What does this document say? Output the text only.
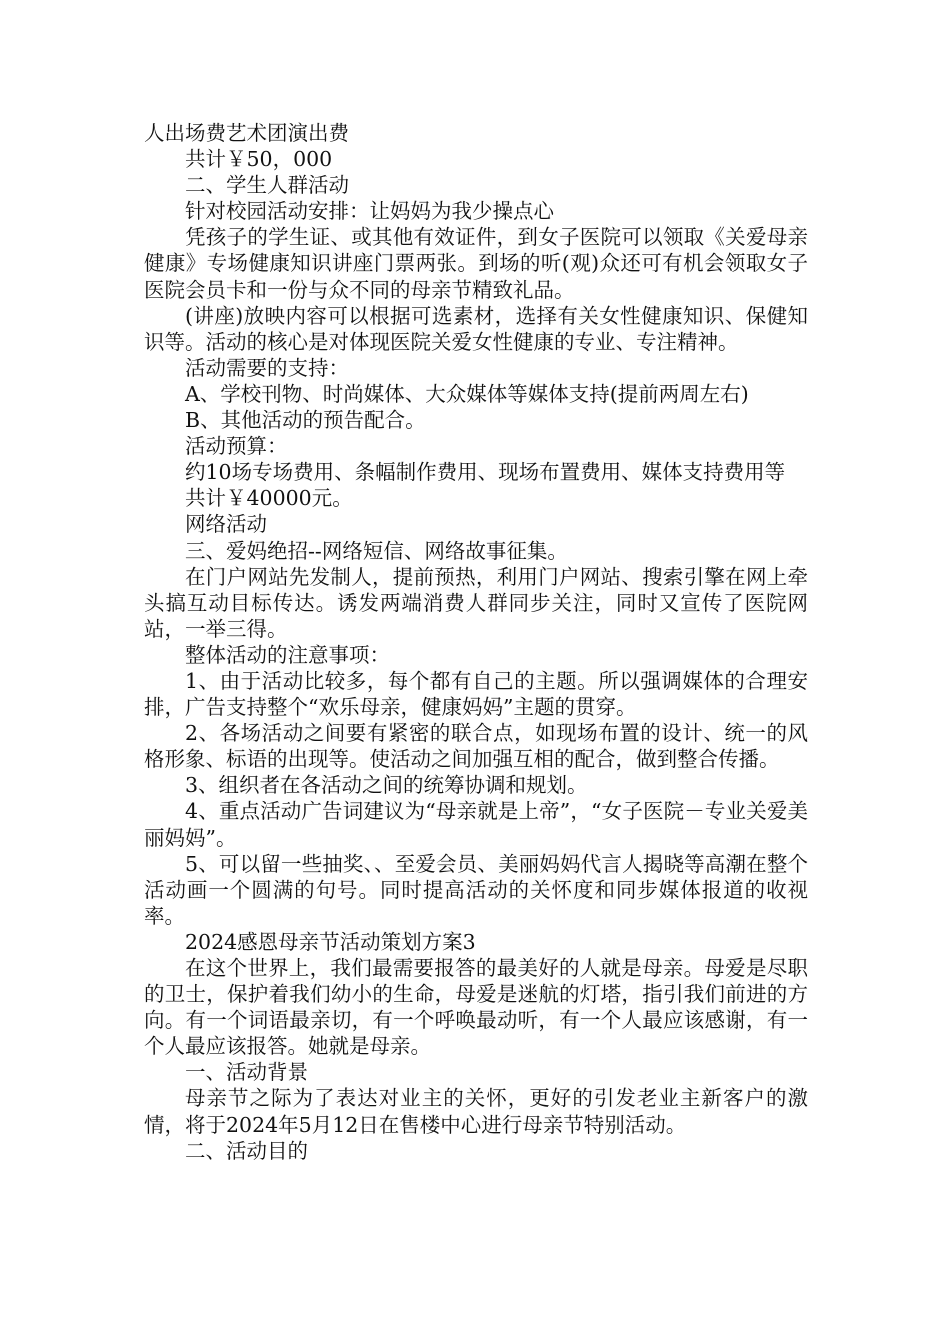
人出场费艺术团演出费

共计￥50，000

二、学生人群活动

针对校园活动安排：让妈妈为我少操点心

凭孩子的学生证、或其他有效证件，到女子医院可以领取《关爱母亲健康》专场健康知识讲座门票两张。到场的听(观)众还可有机会领取女子医院会员卡和一份与众不同的母亲节精致礼品。

(讲座)放映内容可以根据可选素材，选择有关女性健康知识、保健知识等。活动的核心是对体现医院关爱女性健康的专业、专注精神。

活动需要的支持：

A、学校刊物、时尚媒体、大众媒体等媒体支持(提前两周左右)

B、其他活动的预告配合。

活动预算：

约10场专场费用、条幅制作费用、现场布置费用、媒体支持费用等

共计￥40000元。

网络活动

三、爱妈绝招--网络短信、网络故事征集。

在门户网站先发制人，提前预热，利用门户网站、搜索引擎在网上牵头搞互动目标传达。诱发两端消费人群同步关注，同时又宣传了医院网站，一举三得。

整体活动的注意事项：

1、由于活动比较多，每个都有自己的主题。所以强调媒体的合理安排，广告支持整个“欢乐母亲，健康妈妈”主题的贯穿。

2、各场活动之间要有紧密的联合点，如现场布置的设计、统一的风格形象、标语的出现等。使活动之间加强互相的配合，做到整合传播。

3、组织者在各活动之间的统筹协调和规划。

4、重点活动广告词建议为“母亲就是上帝”，“女子医院－专业关爱美丽妈妈”。

5、可以留一些抽奖、、至爱会员、美丽妈妈代言人揭晓等高潮在整个活动画一个圆满的句号。同时提高活动的关怀度和同步媒体报道的收视率。

2024感恩母亲节活动策划方案3

在这个世界上，我们最需要报答的最美好的人就是母亲。母爱是尽职的卫士，保护着我们幼小的生命，母爱是迷航的灯塔，指引我们前进的方向。有一个词语最亲切，有一个呼唤最动听，有一个人最应该感谢，有一个人最应该报答。她就是母亲。

一、活动背景

母亲节之际为了表达对业主的关怀，更好的引发老业主新客户的激情，将于2024年5月12日在售楼中心进行母亲节特别活动。

二、活动目的
